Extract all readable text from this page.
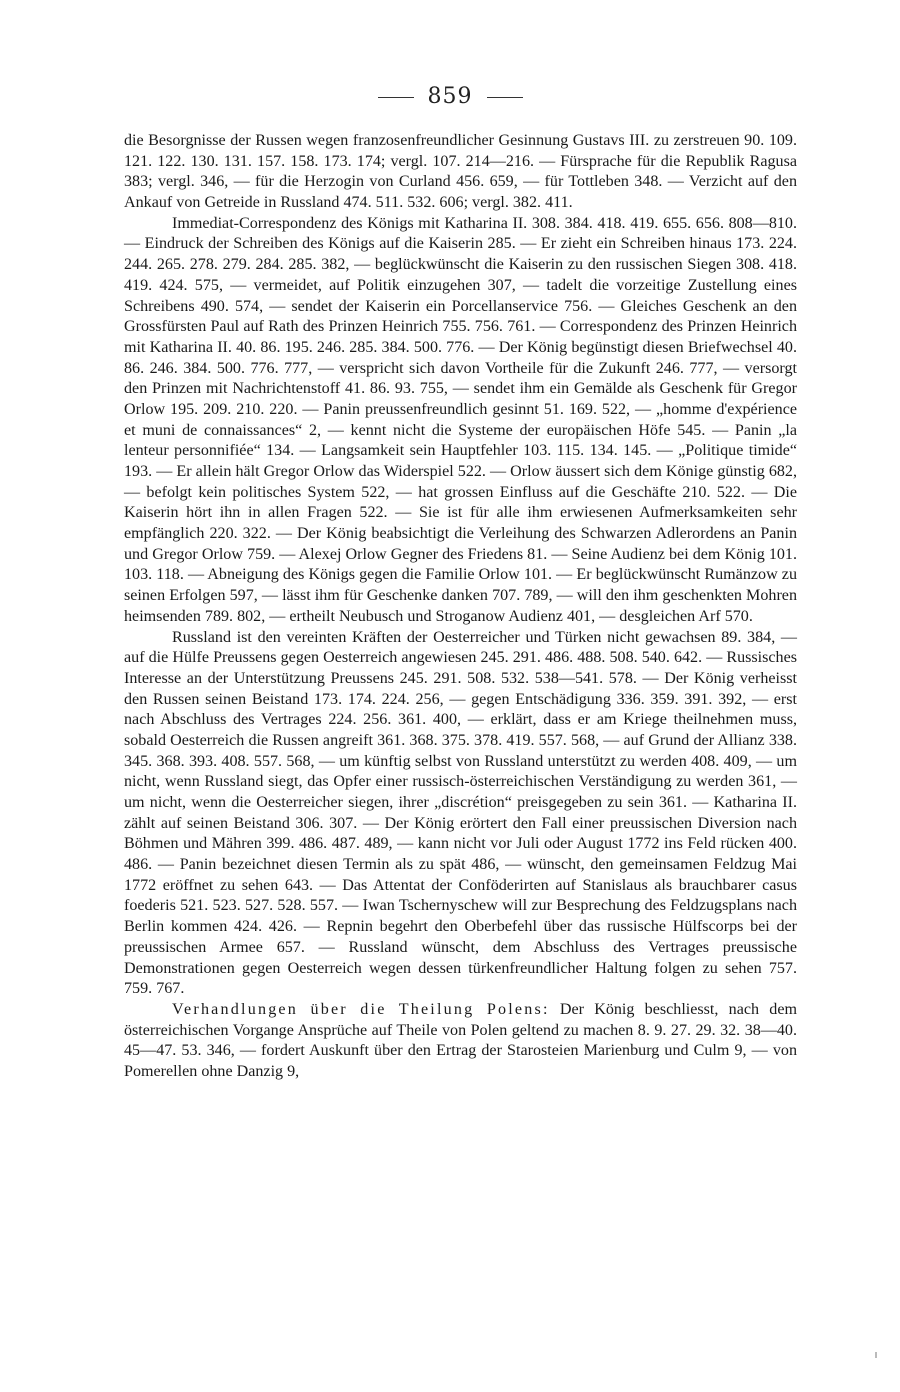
859

die Besorgnisse der Russen wegen franzosenfreundlicher Gesinnung Gustavs III. zu zerstreuen 90. 109. 121. 122. 130. 131. 157. 158. 173. 174; vergl. 107. 214—216. — Fürsprache für die Republik Ragusa 383; vergl. 346, — für die Herzogin von Curland 456. 659, — für Tottleben 348. — Verzicht auf den Ankauf von Getreide in Russland 474. 511. 532. 606; vergl. 382. 411.

Immediat-Correspondenz des Königs mit Katharina II. 308. 384. 418. 419. 655. 656. 808—810. — Eindruck der Schreiben des Königs auf die Kaiserin 285. — Er zieht ein Schreiben hinaus 173. 224. 244. 265. 278. 279. 284. 285. 382, — beglückwünscht die Kaiserin zu den russischen Siegen 308. 418. 419. 424. 575, — vermeidet, auf Politik einzugehen 307, — tadelt die vorzeitige Zustellung eines Schreibens 490. 574, — sendet der Kaiserin ein Porcellanservice 756. — Gleiches Geschenk an den Grossfürsten Paul auf Rath des Prinzen Heinrich 755. 756. 761. — Correspondenz des Prinzen Heinrich mit Katharina II. 40. 86. 195. 246. 285. 384. 500. 776. — Der König begünstigt diesen Briefwechsel 40. 86. 246. 384. 500. 776. 777, — verspricht sich davon Vortheile für die Zukunft 246. 777, — versorgt den Prinzen mit Nachrichtenstoff 41. 86. 93. 755, — sendet ihm ein Gemälde als Geschenk für Gregor Orlow 195. 209. 210. 220. — Panin preussenfreundlich gesinnt 51. 169. 522, — „homme d'expérience et muni de connaissances“ 2, — kennt nicht die Systeme der europäischen Höfe 545. — Panin „la lenteur personnifiée“ 134. — Langsamkeit sein Hauptfehler 103. 115. 134. 145. — „Politique timide“ 193. — Er allein hält Gregor Orlow das Widerspiel 522. — Orlow äussert sich dem Könige günstig 682, — befolgt kein politisches System 522, — hat grossen Einfluss auf die Geschäfte 210. 522. — Die Kaiserin hört ihn in allen Fragen 522. — Sie ist für alle ihm erwiesenen Aufmerksamkeiten sehr empfänglich 220. 322. — Der König beabsichtigt die Verleihung des Schwarzen Adlerordens an Panin und Gregor Orlow 759. — Alexej Orlow Gegner des Friedens 81. — Seine Audienz bei dem König 101. 103. 118. — Abneigung des Königs gegen die Familie Orlow 101. — Er beglückwünscht Rumänzow zu seinen Erfolgen 597, — lässt ihm für Geschenke danken 707. 789, — will den ihm geschenkten Mohren heimsenden 789. 802, — ertheilt Neubusch und Stroganow Audienz 401, — desgleichen Arf 570.

Russland ist den vereinten Kräften der Oesterreicher und Türken nicht gewachsen 89. 384, — auf die Hülfe Preussens gegen Oesterreich angewiesen 245. 291. 486. 488. 508. 540. 642. — Russisches Interesse an der Unterstützung Preussens 245. 291. 508. 532. 538—541. 578. — Der König verheisst den Russen seinen Beistand 173. 174. 224. 256, — gegen Entschädigung 336. 359. 391. 392, — erst nach Abschluss des Vertrages 224. 256. 361. 400, — erklärt, dass er am Kriege theilnehmen muss, sobald Oesterreich die Russen angreift 361. 368. 375. 378. 419. 557. 568, — auf Grund der Allianz 338. 345. 368. 393. 408. 557. 568, — um künftig selbst von Russland unterstützt zu werden 408. 409, — um nicht, wenn Russland siegt, das Opfer einer russisch-österreichischen Verständigung zu werden 361, — um nicht, wenn die Oesterreicher siegen, ihrer „discrétion“ preisgegeben zu sein 361. — Katharina II. zählt auf seinen Beistand 306. 307. — Der König erörtert den Fall einer preussischen Diversion nach Böhmen und Mähren 399. 486. 487. 489, — kann nicht vor Juli oder August 1772 ins Feld rücken 400. 486. — Panin bezeichnet diesen Termin als zu spät 486, — wünscht, den gemeinsamen Feldzug Mai 1772 eröffnet zu sehen 643. — Das Attentat der Conföderirten auf Stanislaus als brauchbarer casus foederis 521. 523. 527. 528. 557. — Iwan Tschernyschew will zur Besprechung des Feldzugsplans nach Berlin kommen 424. 426. — Repnin begehrt den Oberbefehl über das russische Hülfscorps bei der preussischen Armee 657. — Russland wünscht, dem Abschluss des Vertrages preussische Demonstrationen gegen Oesterreich wegen dessen türkenfreundlicher Haltung folgen zu sehen 757. 759. 767.

Verhandlungen über die Theilung Polens: Der König beschliesst, nach dem österreichischen Vorgange Ansprüche auf Theile von Polen geltend zu machen 8. 9. 27. 29. 32. 38—40. 45—47. 53. 346, — fordert Auskunft über den Ertrag der Starosteien Marienburg und Culm 9, — von Pomerellen ohne Danzig 9,
